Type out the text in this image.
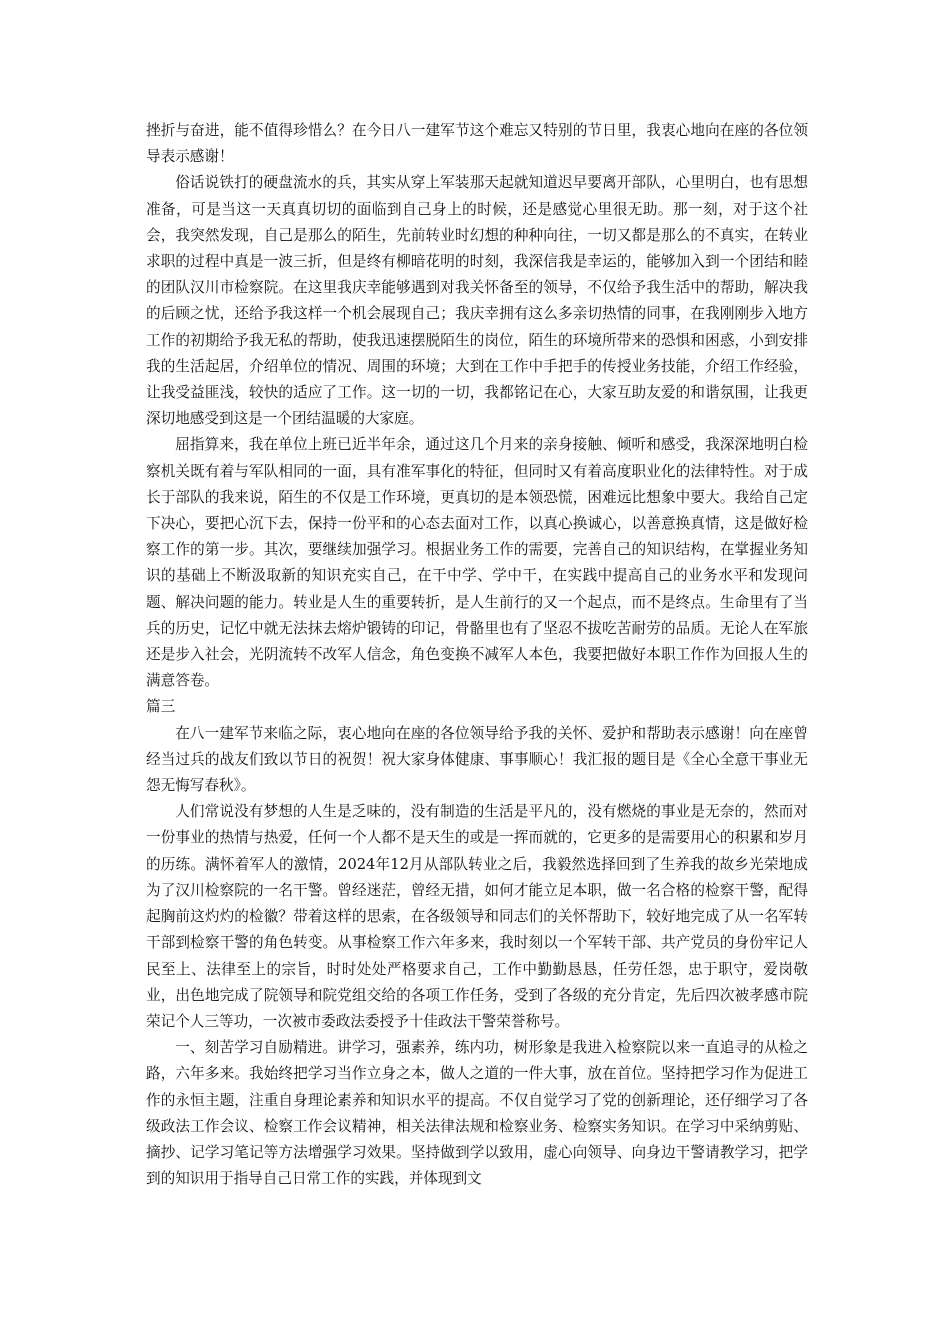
挫折与奋进，能不值得珍惜么？在今日八一建军节这个难忘又特别的节日里，我衷心地向在座的各位领导表示感谢！

俗话说铁打的硬盘流水的兵，其实从穿上军装那天起就知道迟早要离开部队，心里明白，也有思想准备，可是当这一天真真切切的面临到自己身上的时候，还是感觉心里很无助。那一刻，对于这个社会，我突然发现，自己是那么的陌生，先前转业时幻想的种种向往，一切又都是那么的不真实，在转业求职的过程中真是一波三折，但是终有柳暗花明的时刻，我深信我是幸运的，能够加入到一个团结和睦的团队汉川市检察院。在这里我庆幸能够遇到对我关怀备至的领导，不仅给予我生活中的帮助，解决我的后顾之忧，还给予我这样一个机会展现自己；我庆幸拥有这么多亲切热情的同事，在我刚刚步入地方工作的初期给予我无私的帮助，使我迅速摆脱陌生的岗位，陌生的环境所带来的恐惧和困惑，小到安排我的生活起居，介绍单位的情况、周围的环境；大到在工作中手把手的传授业务技能，介绍工作经验，让我受益匪浅，较快的适应了工作。这一切的一切，我都铭记在心，大家互助友爱的和谐氛围，让我更深切地感受到这是一个团结温暖的大家庭。

屈指算来，我在单位上班已近半年余，通过这几个月来的亲身接触、倾听和感受，我深深地明白检察机关既有着与军队相同的一面，具有准军事化的特征，但同时又有着高度职业化的法律特性。对于成长于部队的我来说，陌生的不仅是工作环境，更真切的是本领恐慌，困难远比想象中要大。我给自己定下决心，要把心沉下去，保持一份平和的心态去面对工作，以真心换诚心，以善意换真情，这是做好检察工作的第一步。其次，要继续加强学习。根据业务工作的需要，完善自己的知识结构，在掌握业务知识的基础上不断汲取新的知识充实自己，在干中学、学中干，在实践中提高自己的业务水平和发现问题、解决问题的能力。转业是人生的重要转折，是人生前行的又一个起点，而不是终点。生命里有了当兵的历史，记忆中就无法抹去熔炉锻铸的印记，骨骼里也有了坚忍不拔吃苦耐劳的品质。无论人在军旅还是步入社会，光阴流转不改军人信念，角色变换不减军人本色，我要把做好本职工作作为回报人生的满意答卷。

篇三

在八一建军节来临之际，衷心地向在座的各位领导给予我的关怀、爱护和帮助表示感谢！向在座曾经当过兵的战友们致以节日的祝贺！祝大家身体健康、事事顺心！我汇报的题目是《全心全意干事业无怨无悔写春秋》。

人们常说没有梦想的人生是乏味的，没有制造的生活是平凡的，没有燃烧的事业是无奈的，然而对一份事业的热情与热爱，任何一个人都不是天生的或是一挥而就的，它更多的是需要用心的积累和岁月的历练。满怀着军人的激情，2024年12月从部队转业之后，我毅然选择回到了生养我的故乡光荣地成为了汉川检察院的一名干警。曾经迷茫，曾经无措，如何才能立足本职，做一名合格的检察干警，配得起胸前这灼灼的检徽？带着这样的思索，在各级领导和同志们的关怀帮助下，较好地完成了从一名军转干部到检察干警的角色转变。从事检察工作六年多来，我时刻以一个军转干部、共产党员的身份牢记人民至上、法律至上的宗旨，时时处处严格要求自己，工作中勤勤恳恳，任劳任怨，忠于职守，爱岗敬业，出色地完成了院领导和院党组交给的各项工作任务，受到了各级的充分肯定，先后四次被孝感市院荣记个人三等功，一次被市委政法委授予十佳政法干警荣誉称号。

一、刻苦学习自励精进。讲学习，强素养，练内功，树形象是我进入检察院以来一直追寻的从检之路，六年多来。我始终把学习当作立身之本，做人之道的一件大事，放在首位。坚持把学习作为促进工作的永恒主题，注重自身理论素养和知识水平的提高。不仅自觉学习了党的创新理论，还仔细学习了各级政法工作会议、检察工作会议精神，相关法律法规和检察业务、检察实务知识。在学习中采纳剪贴、摘抄、记学习笔记等方法增强学习效果。坚持做到学以致用，虚心向领导、向身边干警请教学习，把学到的知识用于指导自己日常工作的实践，并体现到文
